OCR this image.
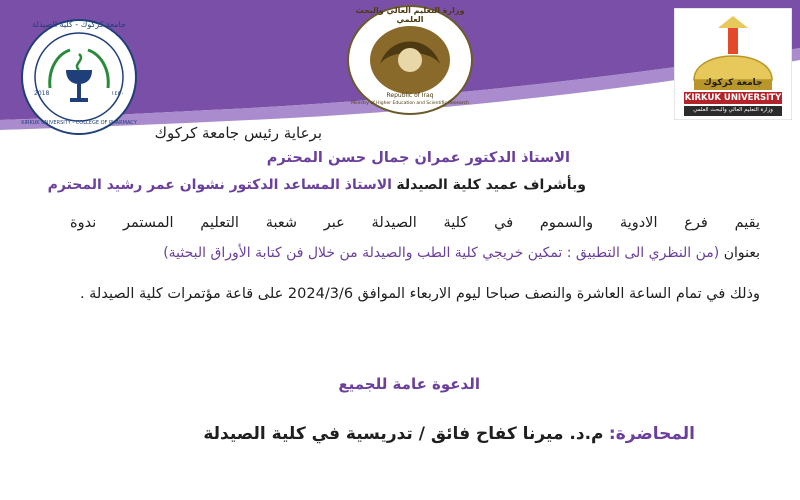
جامعة كركوك - كلية الصيدلة
KIRKUK UNIVERSITY - COLLEGE OF PHARMACY
2018	١٤٤٠
وزارة التعليم العالي والبحث العلمي
Republic of Iraq
Ministry of Higher Education and Scientific Research
جامعة كركوك
KIRKUK UNIVERSITY
وزارة التعليم العالي والبحث العلمي
برعاية رئيس جامعة كركوك
الاستاذ الدكتور عمران جمال حسن المحترم
وبأشراف عميد كلية الصيدلة الاستاذ المساعد الدكتور نشوان عمر رشيد المحترم
يقيم فرع الادوية والسموم في كلية الصيدلة عبر شعبة التعليم المستمر ندوة
بعنوان (من النظري الى التطبيق : تمكين خريجي كلية الطب والصيدلة من خلال فن كتابة الأوراق البحثية)
وذلك في تمام الساعة العاشرة والنصف صباحا ليوم الاربعاء الموافق 2024/3/6 على قاعة مؤتمرات كلية الصيدلة .
الدعوة عامة للجميع
المحاضرة: م.د. ميرنا كفاح فائق / تدريسية في كلية الصيدلة
